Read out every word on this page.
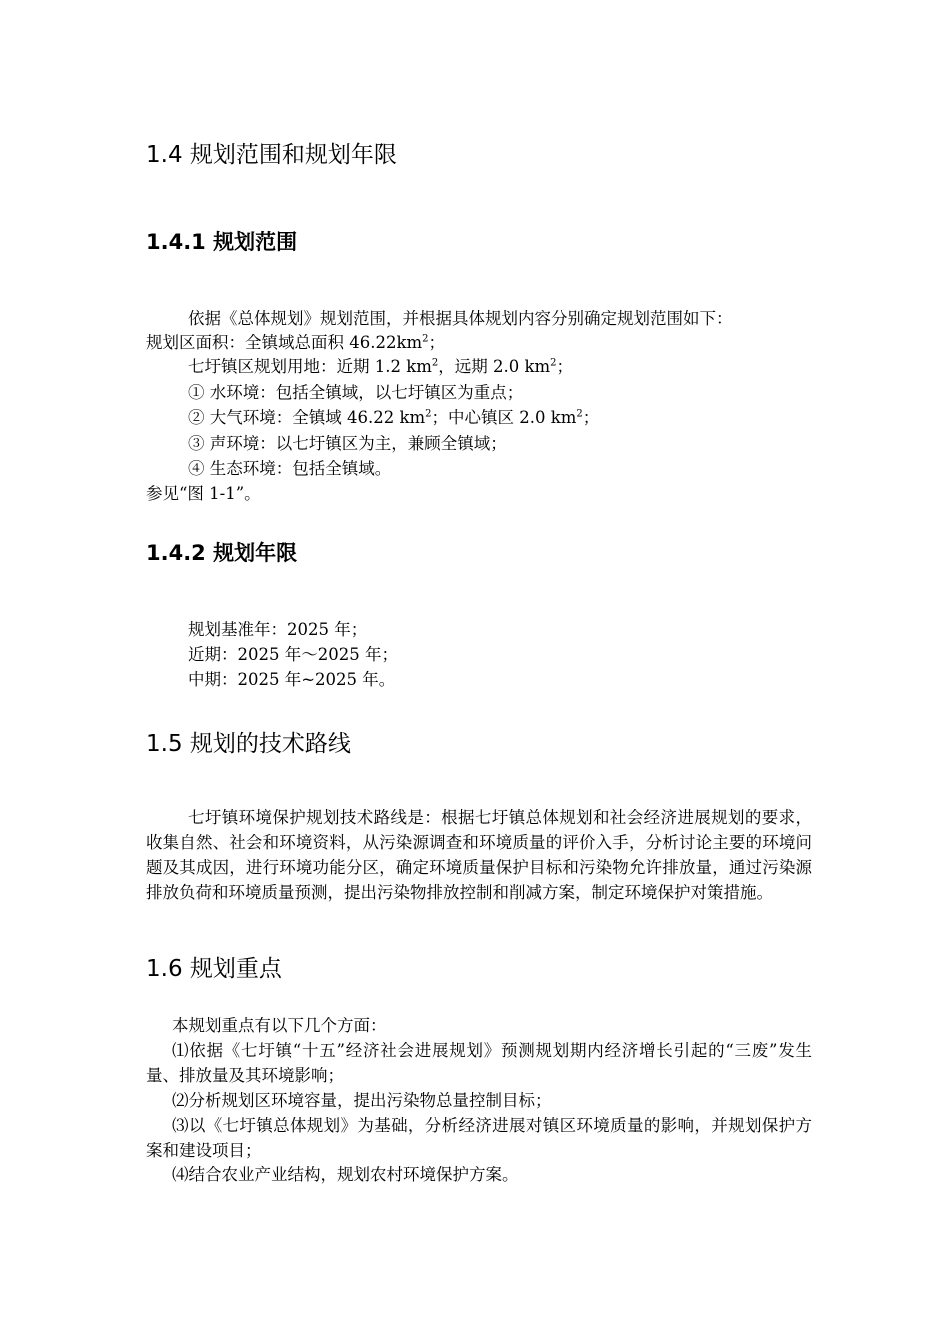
1.4 规划范围和规划年限
1.4.1 规划范围

依据《总体规划》规划范围，并根据具体规划内容分别确定规划范围如下：

规划区面积：全镇域总面积 $46.22km^2$；

七圩镇区规划用地：近期 1.2 $km^2$，远期 2.0 $km^2$；

① 水环境：包括全镇域，以七圩镇区为重点；

② 大气环境：全镇域 46.22 $km^2$；中心镇区 2.0 $km^2$；

③ 声环境：以七圩镇区为主，兼顾全镇域；

④ 生态环境：包括全镇域。

参见“图 1-1”。

1.4.2 规划年限

规划基准年：2025 年；

近期：2025 年～2025 年；

中期：2025 年~2025 年。

1.5 规划的技术路线

七圩镇环境保护规划技术路线是：根据七圩镇总体规划和社会经济进展规划的要求，收集自然、社会和环境资料，从污染源调查和环境质量的评价入手，分析讨论主要的环境问题及其成因，进行环境功能分区，确定环境质量保护目标和污染物允许排放量，通过污染源排放负荷和环境质量预测，提出污染物排放控制和削减方案，制定环境保护对策措施。

1.6 规划重点

本规划重点有以下几个方面：

⑴依据《七圩镇“十五”经济社会进展规划》预测规划期内经济增长引起的“三废”发生量、排放量及其环境影响；

⑵分析规划区环境容量，提出污染物总量控制目标；

⑶以《七圩镇总体规划》为基础，分析经济进展对镇区环境质量的影响，并规划保护方案和建设项目；

⑷结合农业产业结构，规划农村环境保护方案。
